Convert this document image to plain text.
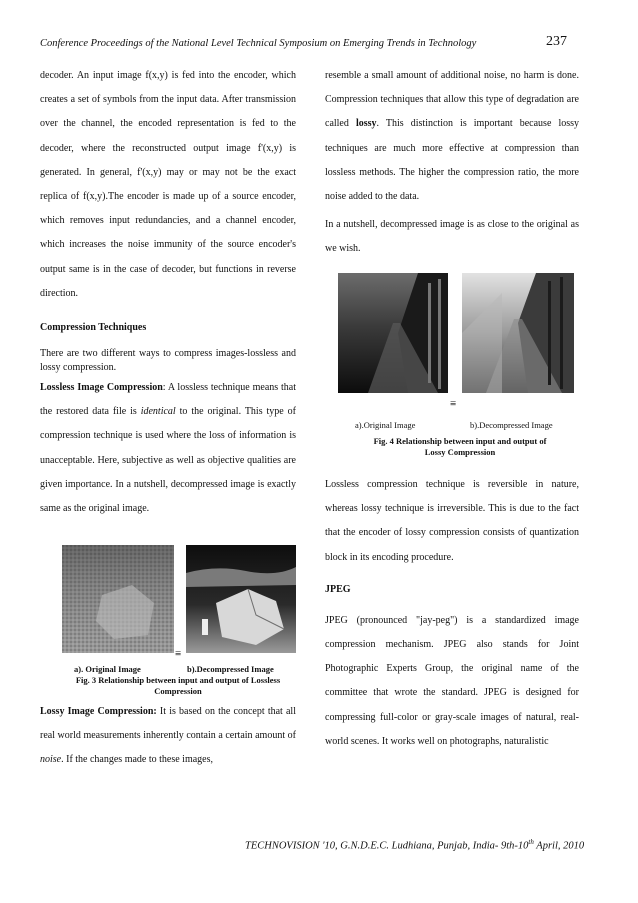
Conference Proceedings of the National Level Technical Symposium on Emerging Trends in Technology	237

decoder. An input image f(x,y) is fed into the encoder, which creates a set of symbols from the input data. After transmission over the channel, the encoded representation is fed to the decoder, where the reconstructed output image f'(x,y) is generated. In general, f'(x,y) may or may not be the exact replica of f(x,y).The encoder is made up of a source encoder, which removes input redundancies, and a channel encoder, which increases the noise immunity of the source encoder's output same is in the case of decoder, but functions in reverse direction.

Compression Techniques

There are two different ways to compress images-lossless and lossy compression.

Lossless Image Compression: A lossless technique means that the restored data file is identical to the original. This type of compression technique is used where the loss of information is unacceptable. Here, subjective as well as objective qualities are given importance. In a nutshell, decompressed image is exactly same as the original image.

≡
a). Original Image	b).Decompressed Image
Fig. 3 Relationship between input and output of Lossless Compression

Lossy Image Compression: It is based on the concept that all real world measurements inherently contain a certain amount of noise. If the changes made to these images,

resemble a small amount of additional noise, no harm is done. Compression techniques that allow this type of degradation are called lossy. This distinction is important because lossy techniques are much more effective at compression than lossless methods. The higher the compression ratio, the more noise added to the data.

In a nutshell, decompressed image is as close to the original as we wish.

≡
a).Original Image	b).Decompressed Image
Fig. 4 Relationship between input and output of Lossy Compression

Lossless compression technique is reversible in nature, whereas lossy technique is irreversible. This is due to the fact that the encoder of lossy compression consists of quantization block in its encoding procedure.

JPEG

JPEG (pronounced "jay-peg") is a standardized image compression mechanism. JPEG also stands for Joint Photographic Experts Group, the original name of the committee that wrote the standard. JPEG is designed for compressing full-color or gray-scale images of natural, real-world scenes. It works well on photographs, naturalistic

TECHNOVISION '10, G.N.D.E.C. Ludhiana, Punjab, India- 9th-10th April, 2010
